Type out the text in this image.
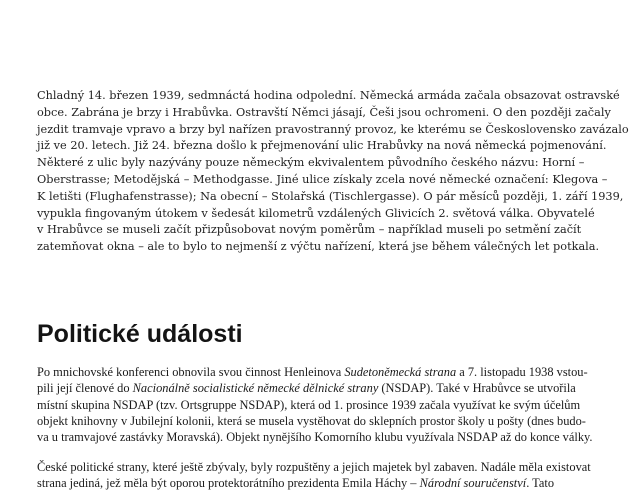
Chladný 14. březen 1939, sedmnáctá hodina odpolední. Německá armáda začala obsazovat ostravské
obce. Zabrána je brzy i Hrabůvka. Ostravští Němci jásají, Češi jsou ochromeni. O den později začaly
jezdit tramvaje vpravo a brzy byl nařízen pravostranný provoz, ke kterému se Československo zavázalo
již ve 20. letech. Již 24. března došlo k přejmenování ulic Hrabůvky na nová německá pojmenování.
Některé z ulic byly nazývány pouze německým ekvivalentem původního českého názvu: Horní –
Oberstrasse; Metodějská – Methodgasse. Jiné ulice získaly zcela nové německé označení: Klegova –
K letišti (Flughafenstrasse); Na obecní – Stolařská (Tischlergasse). O pár měsíců později, 1. září 1939,
vypukla fingovaným útokem v šedesát kilometrů vzdálených Glivicích 2. světová válka. Obyvatelé
v Hrabůvce se museli začít přizpůsobovat novým poměrům – například museli po setmění začít
zatemňovat okna – ale to bylo to nejmenší z výčtu nařízení, která jse během válečných let potkala.
Politické události
Po mnichovské konferenci obnovila svou činnost Henleinova Sudetoněmecká strana a 7. listopadu 1938 vstou-
pili její členové do Nacionálně socialistické německé dělnické strany (NSDAP). Také v Hrabůvce se utvořila
místní skupina NSDAP (tzv. Ortsgruppe NSDAP), která od 1. prosince 1939 začala využívat ke svým účelům
objekt knihovny v Jubilejní kolonii, která se musela vystěhovat do sklepních prostor školy u pošty (dnes budo-
va u tramvajové zastávky Moravská). Objekt nynějšího Komorního klubu využívala NSDAP až do konce války.
České politické strany, které ještě zbývaly, byly rozpuštěny a jejich majetek byl zabaven. Nadále měla existovat
strana jediná, jež měla být oporou protektorátního prezidenta Emila Háchy – Národní souručenství. Tato
